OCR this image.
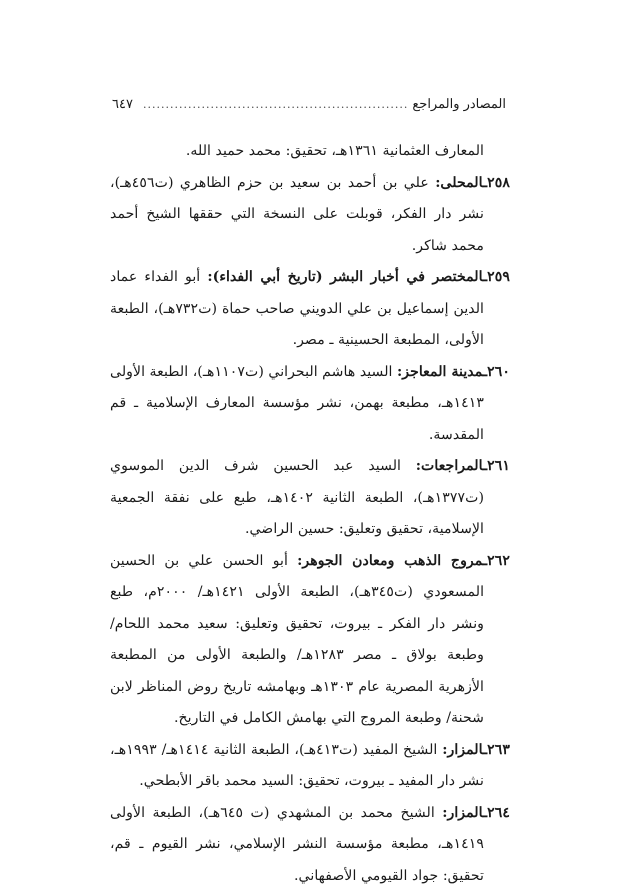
المصادر والمراجع
...........................................................
٦٤٧

المعارف العثمانية ١٣٦١هـ، تحقيق: محمد حميد الله.

٢٥٨ـالمحلى: علي بن أحمد بن سعيد بن حزم الظاهري (ت٤٥٦هـ)، نشر دار الفكر، قوبلت على النسخة التي حققها الشيخ أحمد محمد شاكر.

٢٥٩ـالمختصر في أخبار البشر (تاريخ أبي الفداء): أبو الفداء عماد الدين إسماعيل بن علي الدويني صاحب حماة (ت٧٣٢هـ)، الطبعة الأولى، المطبعة الحسينية ـ مصر.

٢٦٠ـمدينة المعاجز: السيد هاشم البحراني (ت١١٠٧هـ)، الطبعة الأولى ١٤١٣هـ، مطبعة بهمن، نشر مؤسسة المعارف الإسلامية ـ قم المقدسة.

٢٦١ـالمراجعات: السيد عبد الحسين شرف الدين الموسوي (ت١٣٧٧هـ)، الطبعة الثانية ١٤٠٢هـ، طبع على نفقة الجمعية الإسلامية، تحقيق وتعليق: حسين الراضي.

٢٦٢ـمروج الذهب ومعادن الجوهر: أبو الحسن علي بن الحسين المسعودي (ت٣٤٥هـ)، الطبعة الأولى ١٤٢١هـ/ ٢٠٠٠م، طبع ونشر دار الفكر ـ بيروت، تحقيق وتعليق: سعيد محمد اللحام/ وطبعة بولاق ـ مصر ١٢٨٣هـ/ والطبعة الأولى من المطبعة الأزهرية المصرية عام ١٣٠٣هـ وبهامشه تاريخ روض المناظر لابن شحنة/ وطبعة المروج التي بهامش الكامل في التاريخ.

٢٦٣ـالمزار: الشيخ المفيد (ت٤١٣هـ)، الطبعة الثانية ١٤١٤هـ/ ١٩٩٣هـ، نشر دار المفيد ـ بيروت، تحقيق: السيد محمد باقر الأبطحي.

٢٦٤ـالمزار: الشيخ محمد بن المشهدي (ت ٦٤٥هـ)، الطبعة الأولى ١٤١٩هـ، مطبعة مؤسسة النشر الإسلامي، نشر القيوم ـ قم، تحقيق: جواد القيومي الأصفهاني.
